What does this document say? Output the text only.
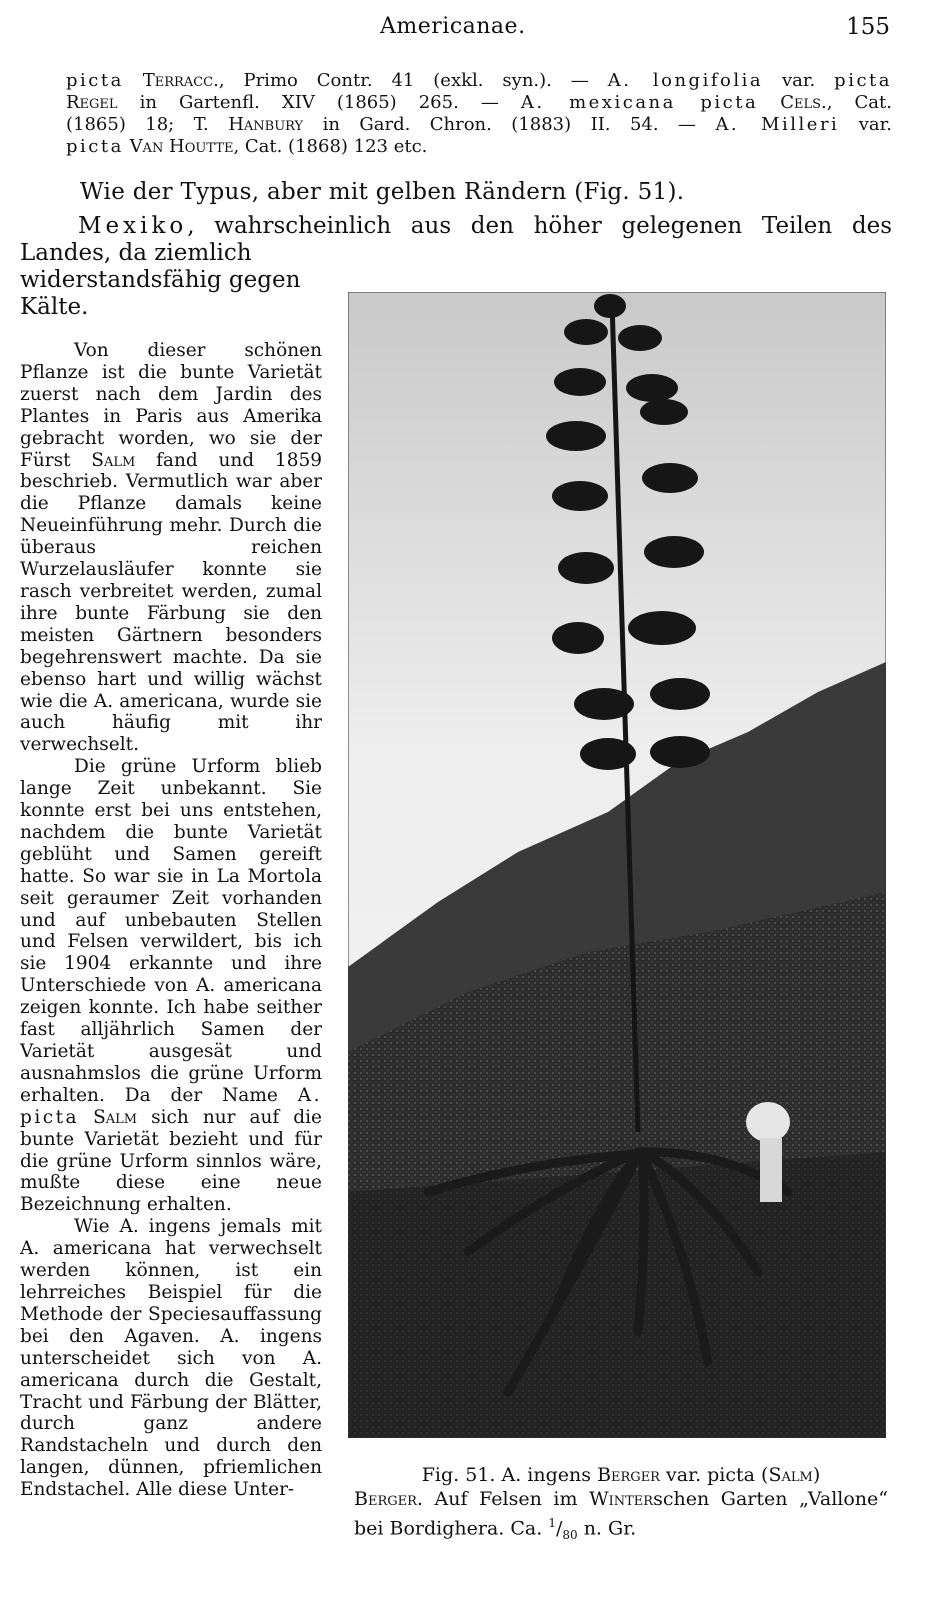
Americanae.	155

picta Terracc., Primo Contr. 41 (exkl. syn.). — A. longifolia var. picta

Regel in Gartenfl. XIV (1865) 265. — A. mexicana picta Cels., Cat.

(1865) 18; T. Hanbury in Gard. Chron. (1883) II. 54. — A. Milleri var.

picta Van Houtte, Cat. (1868) 123 etc.

Wie der Typus, aber mit gelben Rändern (Fig. 51).
Mexiko, wahrscheinlich aus den höher gelegenen Teilen des
Landes, da ziemlich widerstandsfähig gegen Kälte.

Von dieser schönen Pflanze ist die bunte Varietät zuerst nach dem Jardin des Plantes in Paris aus Amerika gebracht worden, wo sie der Fürst Salm fand und 1859 beschrieb. Vermutlich war aber die Pflanze damals keine Neueinführung mehr. Durch die überaus reichen Wurzelausläufer konnte sie rasch verbreitet werden, zumal ihre bunte Färbung sie den meisten Gärtnern besonders begehrenswert machte. Da sie ebenso hart und willig wächst wie die A. americana, wurde sie auch häufig mit ihr verwechselt.

Die grüne Urform blieb lange Zeit unbekannt. Sie konnte erst bei uns entstehen, nachdem die bunte Varietät geblüht und Samen gereift hatte. So war sie in La Mortola seit geraumer Zeit vorhanden und auf unbebauten Stellen und Felsen verwildert, bis ich sie 1904 erkannte und ihre Unterschiede von A. americana zeigen konnte. Ich habe seither fast alljährlich Samen der Varietät ausgesät und ausnahmslos die grüne Urform erhalten. Da der Name A. picta Salm sich nur auf die bunte Varietät bezieht und für die grüne Urform sinnlos wäre, mußte diese eine neue Bezeichnung erhalten.

Wie A. ingens jemals mit A. americana hat verwechselt werden können, ist ein lehrreiches Beispiel für die Methode der Speciesauffassung bei den Agaven. A. ingens unterscheidet sich von A. americana durch die Gestalt, Tracht und Färbung der Blätter, durch ganz andere Randstacheln und durch den langen, dünnen, pfriemlichen Endstachel. Alle diese Unter-

Fig. 51. A. ingens Berger var. picta (Salm)
Berger. Auf Felsen im Winterschen Garten „Vallone“ bei Bordighera. Ca. $^1/_{80}$ n. Gr.
